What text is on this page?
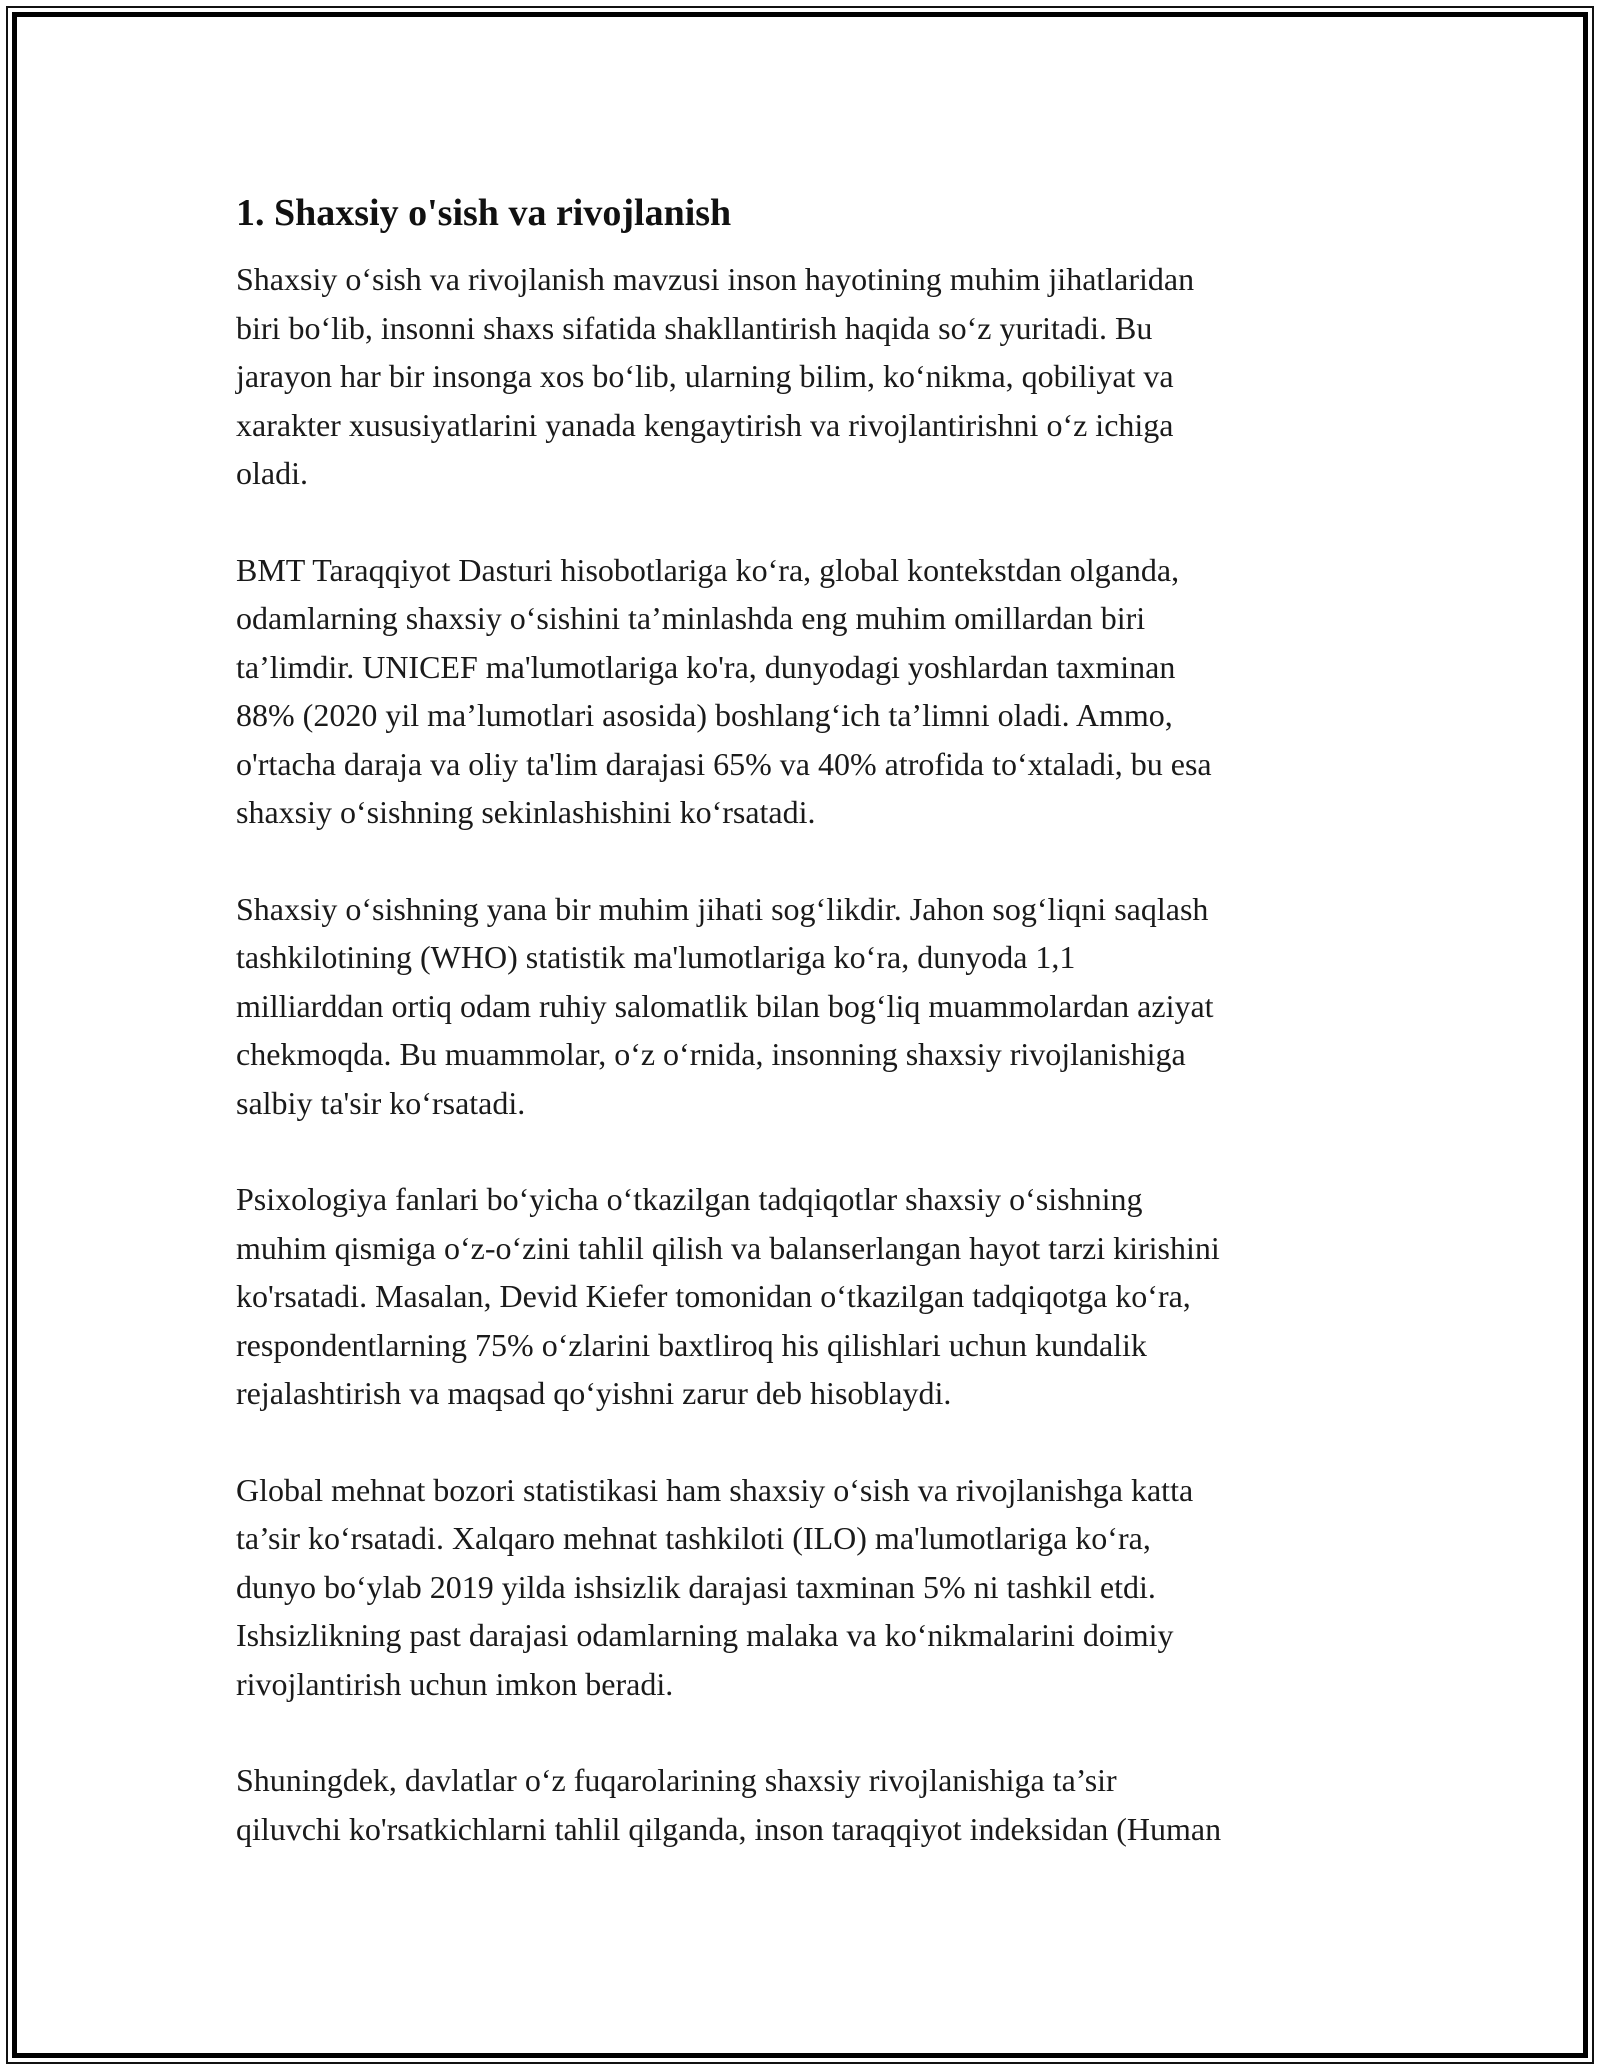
1. Shaxsiy o'sish va rivojlanish
Shaxsiy o‘sish va rivojlanish mavzusi inson hayotining muhim jihatlaridan
biri bo‘lib, insonni shaxs sifatida shakllantirish haqida so‘z yuritadi. Bu
jarayon har bir insonga xos bo‘lib, ularning bilim, ko‘nikma, qobiliyat va
xarakter xususiyatlarini yanada kengaytirish va rivojlantirishni o‘z ichiga
oladi.
BMT Taraqqiyot Dasturi hisobotlariga ko‘ra, global kontekstdan olganda,
odamlarning shaxsiy o‘sishini ta’minlashda eng muhim omillardan biri
ta’limdir. UNICEF ma'lumotlariga ko'ra, dunyodagi yoshlardan taxminan
88% (2020 yil ma’lumotlari asosida) boshlang‘ich ta’limni oladi. Ammo,
o'rtacha daraja va oliy ta'lim darajasi 65% va 40% atrofida to‘xtaladi, bu esa
shaxsiy o‘sishning sekinlashishini ko‘rsatadi.
Shaxsiy o‘sishning yana bir muhim jihati sog‘likdir. Jahon sog‘liqni saqlash
tashkilotining (WHO) statistik ma'lumotlariga ko‘ra, dunyoda 1,1
milliarddan ortiq odam ruhiy salomatlik bilan bog‘liq muammolardan aziyat
chekmoqda. Bu muammolar, o‘z o‘rnida, insonning shaxsiy rivojlanishiga
salbiy ta'sir ko‘rsatadi.
Psixologiya fanlari bo‘yicha o‘tkazilgan tadqiqotlar shaxsiy o‘sishning
muhim qismiga o‘z-o‘zini tahlil qilish va balanserlangan hayot tarzi kirishini
ko'rsatadi. Masalan, Devid Kiefer tomonidan o‘tkazilgan tadqiqotga ko‘ra,
respondentlarning 75% o‘zlarini baxtliroq his qilishlari uchun kundalik
rejalashtirish va maqsad qo‘yishni zarur deb hisoblaydi.
Global mehnat bozori statistikasi ham shaxsiy o‘sish va rivojlanishga katta
ta’sir ko‘rsatadi. Xalqaro mehnat tashkiloti (ILO) ma'lumotlariga ko‘ra,
dunyo bo‘ylab 2019 yilda ishsizlik darajasi taxminan 5% ni tashkil etdi.
Ishsizlikning past darajasi odamlarning malaka va ko‘nikmalarini doimiy
rivojlantirish uchun imkon beradi.
Shuningdek, davlatlar o‘z fuqarolarining shaxsiy rivojlanishiga ta’sir
qiluvchi ko'rsatkichlarni tahlil qilganda, inson taraqqiyot indeksidan (Human
